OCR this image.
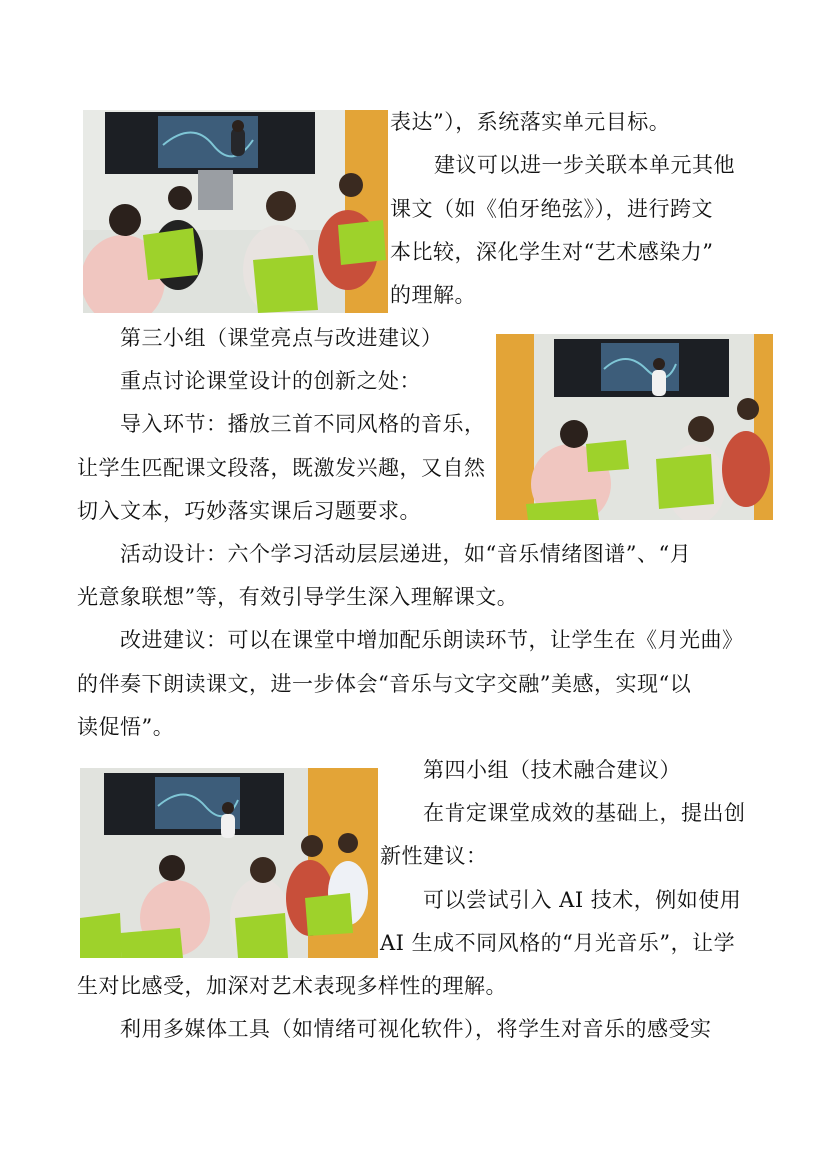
表达”），系统落实单元目标。
建议可以进一步关联本单元其他
课文（如《伯牙绝弦》），进行跨文
本比较，深化学生对“艺术感染力”
的理解。
第三小组（课堂亮点与改进建议）
重点讨论课堂设计的创新之处：
导入环节：播放三首不同风格的音乐，
让学生匹配课文段落，既激发兴趣，又自然
切入文本，巧妙落实课后习题要求。
活动设计：六个学习活动层层递进，如“音乐情绪图谱”、“月
光意象联想”等，有效引导学生深入理解课文。
改进建议：可以在课堂中增加配乐朗读环节，让学生在《月光曲》
的伴奏下朗读课文，进一步体会“音乐与文字交融”美感，实现“以
读促悟”。
第四小组（技术融合建议）
在肯定课堂成效的基础上，提出创
新性建议：
可以尝试引入 AI 技术，例如使用
AI 生成不同风格的“月光音乐”，让学
生对比感受，加深对艺术表现多样性的理解。
利用多媒体工具（如情绪可视化软件），将学生对音乐的感受实
